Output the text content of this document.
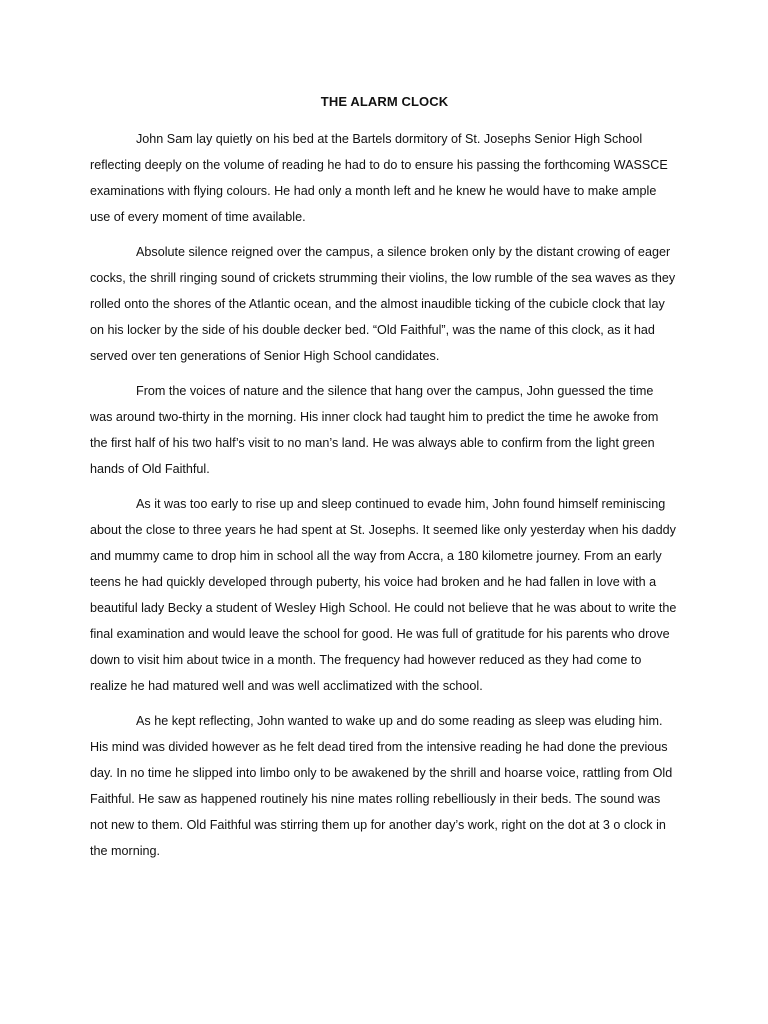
THE ALARM CLOCK

John Sam lay quietly on his bed at the Bartels dormitory of St. Josephs Senior High School reflecting deeply on the volume of reading he had to do to ensure his passing the forthcoming WASSCE examinations with flying colours. He had only a month left and he knew he would have to make ample use of every moment of time available.

Absolute silence reigned over the campus, a silence broken only by the distant crowing of eager cocks, the shrill ringing sound of crickets strumming their violins, the low rumble of the sea waves as they rolled onto the shores of the Atlantic ocean, and the almost inaudible ticking of the cubicle clock that lay on his locker by the side of his double decker bed. “Old Faithful”, was the name of this clock, as it had served over ten generations of Senior High School candidates.

From the voices of nature and the silence that hang over the campus, John guessed the time was around two-thirty in the morning. His inner clock had taught him to predict the time he awoke from the first half of his two half’s visit to no man’s land. He was always able to confirm from the light green hands of Old Faithful.

As it was too early to rise up and sleep continued to evade him, John found himself reminiscing about the close to three years he had spent at St. Josephs. It seemed like only yesterday when his daddy and mummy came to drop him in school all the way from Accra, a 180 kilometre journey. From an early teens he had quickly developed through puberty, his voice had broken and he had fallen in love with a beautiful lady Becky a student of Wesley High School. He could not believe that he was about to write the final examination and would leave the school for good. He was full of gratitude for his parents who drove down to visit him about twice in a month. The frequency had however reduced as they had come to realize he had matured well and was well acclimatized with the school.

As he kept reflecting, John wanted to wake up and do some reading as sleep was eluding him. His mind was divided however as he felt dead tired from the intensive reading he had done the previous day. In no time he slipped into limbo only to be awakened by the shrill and hoarse voice, rattling from Old Faithful. He saw as happened routinely his nine mates rolling rebelliously in their beds. The sound was not new to them. Old Faithful was stirring them up for another day’s work, right on the dot at 3 o clock in the morning.
